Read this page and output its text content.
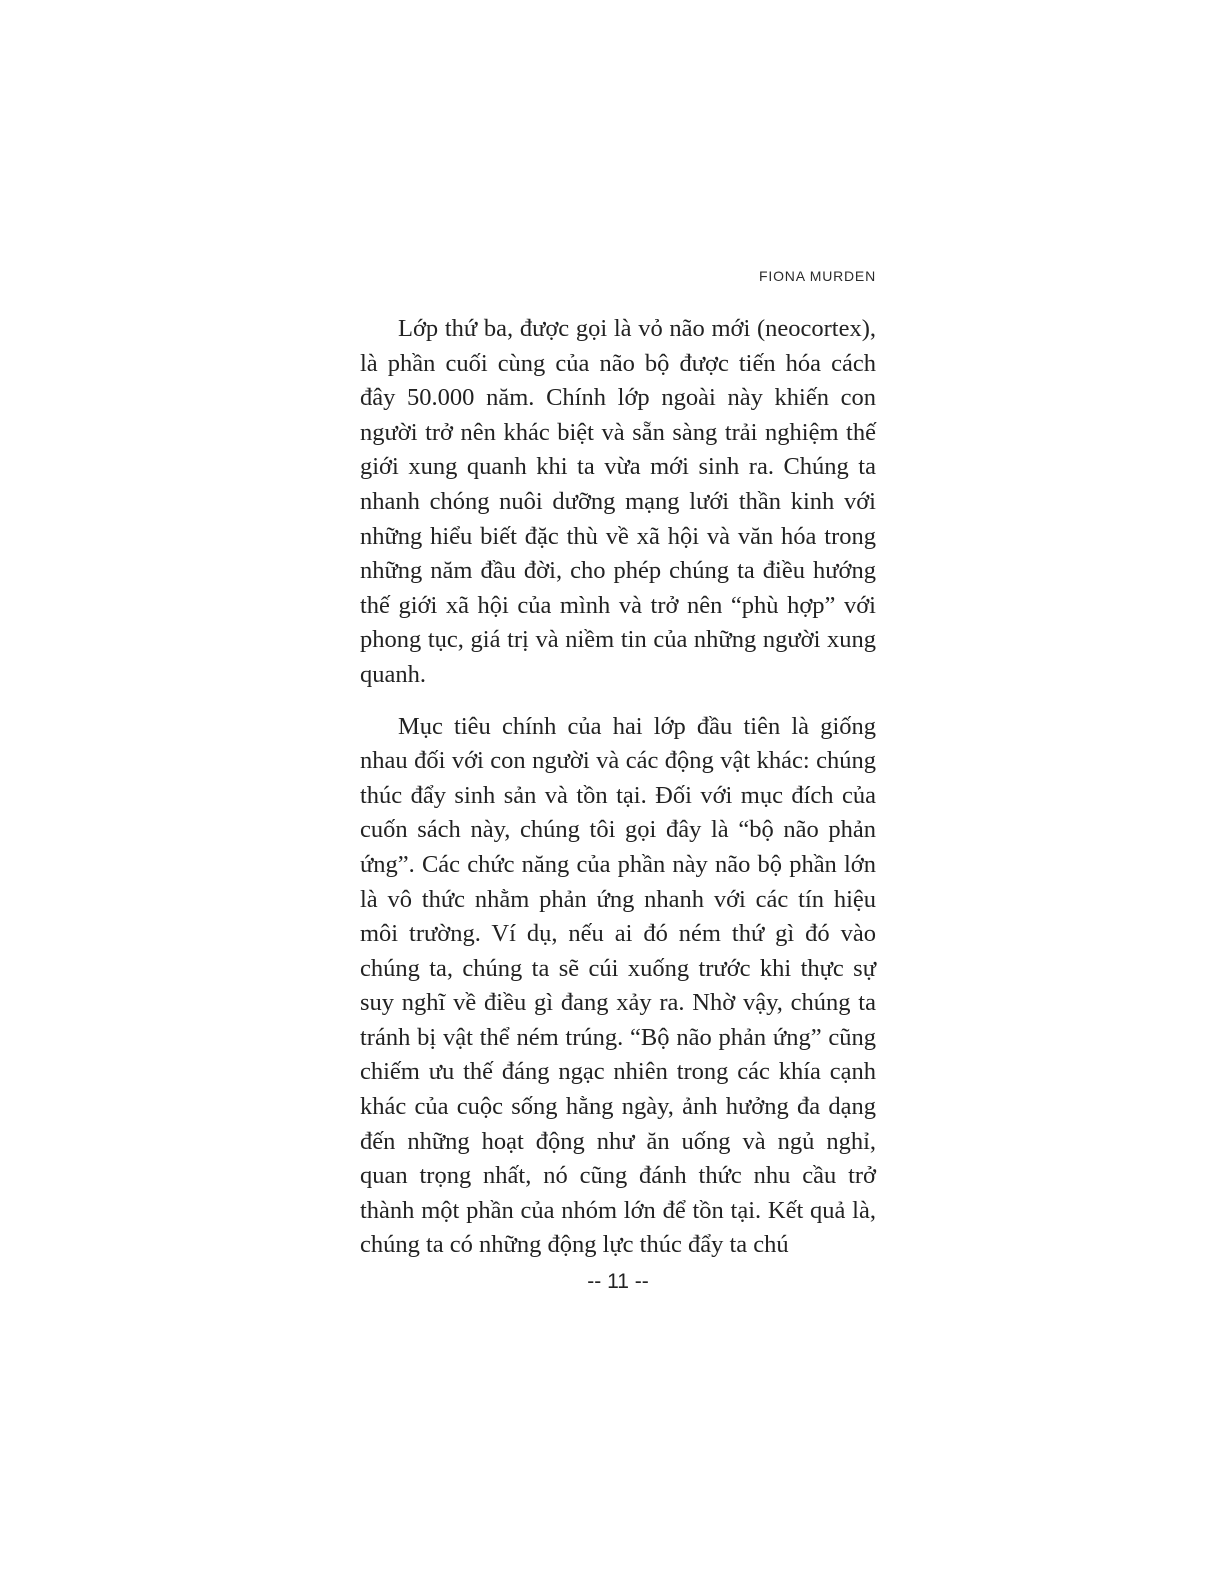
FIONA MURDEN

Lớp thứ ba, được gọi là vỏ não mới (neocortex), là phần cuối cùng của não bộ được tiến hóa cách đây 50.000 năm. Chính lớp ngoài này khiến con người trở nên khác biệt và sẵn sàng trải nghiệm thế giới xung quanh khi ta vừa mới sinh ra. Chúng ta nhanh chóng nuôi dưỡng mạng lưới thần kinh với những hiểu biết đặc thù về xã hội và văn hóa trong những năm đầu đời, cho phép chúng ta điều hướng thế giới xã hội của mình và trở nên “phù hợp” với phong tục, giá trị và niềm tin của những người xung quanh.

Mục tiêu chính của hai lớp đầu tiên là giống nhau đối với con người và các động vật khác: chúng thúc đẩy sinh sản và tồn tại. Đối với mục đích của cuốn sách này, chúng tôi gọi đây là “bộ não phản ứng”. Các chức năng của phần này não bộ phần lớn là vô thức nhằm phản ứng nhanh với các tín hiệu môi trường. Ví dụ, nếu ai đó ném thứ gì đó vào chúng ta, chúng ta sẽ cúi xuống trước khi thực sự suy nghĩ về điều gì đang xảy ra. Nhờ vậy, chúng ta tránh bị vật thể ném trúng. “Bộ não phản ứng” cũng chiếm ưu thế đáng ngạc nhiên trong các khía cạnh khác của cuộc sống hằng ngày, ảnh hưởng đa dạng đến những hoạt động như ăn uống và ngủ nghỉ, quan trọng nhất, nó cũng đánh thức nhu cầu trở thành một phần của nhóm lớn để tồn tại. Kết quả là, chúng ta có những động lực thúc đẩy ta chú

-- 11 --
